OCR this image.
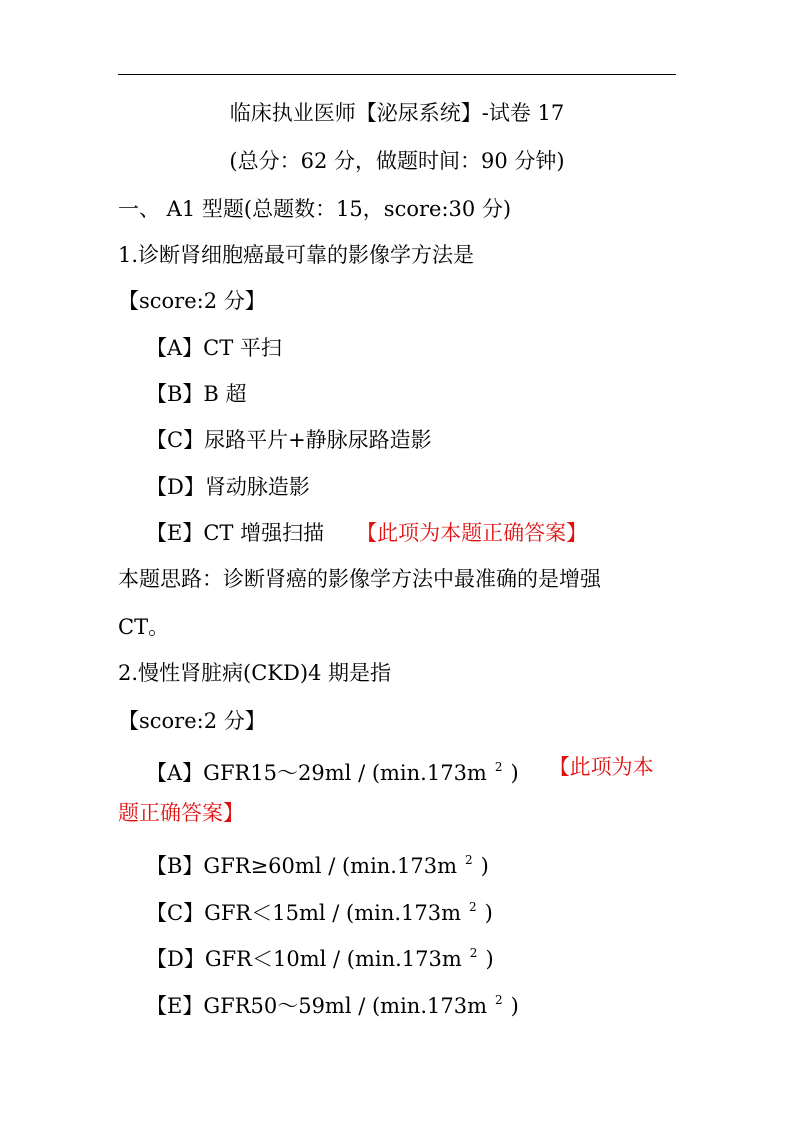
临床执业医师【泌尿系统】-试卷 17
(总分：62 分，做题时间：90 分钟)
一、 A1 型题(总题数：15，score:30 分)
1.诊断肾细胞癌最可靠的影像学方法是
【score:2 分】
【A】CT 平扫
【B】B 超
【C】尿路平片+静脉尿路造影
【D】肾动脉造影
【E】CT 增强扫描 【此项为本题正确答案】
本题思路：诊断肾癌的影像学方法中最准确的是增强
CT。
2.慢性肾脏病(CKD)4 期是指
【score:2 分】
【A】GFR15～29ml / (min.173m $^2$ ) 【此项为本
题正确答案】
【B】GFR≥60ml / (min.173m $^2$ )
【C】GFR＜15ml / (min.173m $^2$ )
【D】GFR＜10ml / (min.173m $^2$ )
【E】GFR50～59ml / (min.173m $^2$ )
